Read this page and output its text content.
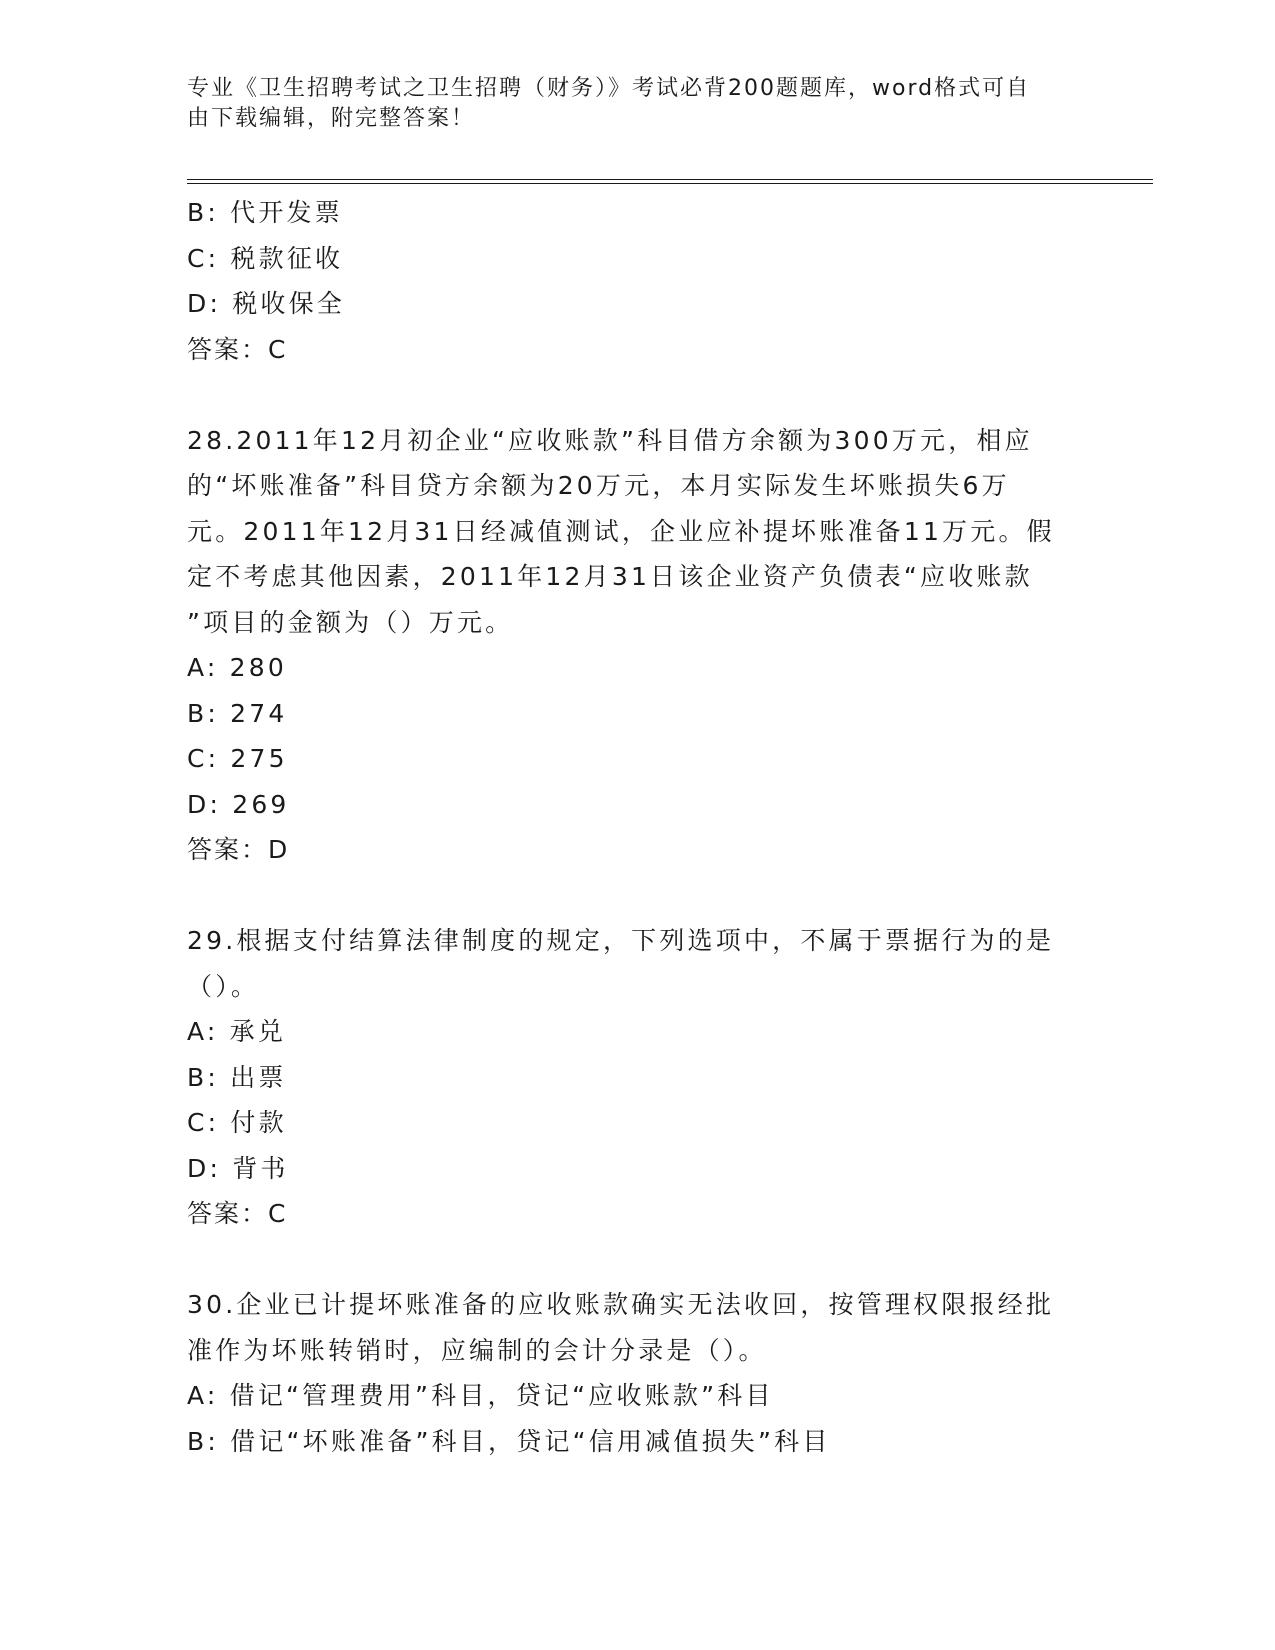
专业《卫生招聘考试之卫生招聘（财务）》考试必背200题题库，word格式可自
由下载编辑，附完整答案！
B: 代开发票
C: 税款征收
D: 税收保全
答案：C
28.2011年12月初企业“应收账款”科目借方余额为300万元，相应
的“坏账准备”科目贷方余额为20万元，本月实际发生坏账损失6万
元。2011年12月31日经减值测试，企业应补提坏账准备11万元。假
定不考虑其他因素，2011年12月31日该企业资产负债表“应收账款
”项目的金额为（）万元。
A: 280
B: 274
C: 275
D: 269
答案：D
29.根据支付结算法律制度的规定，下列选项中，不属于票据行为的是
（）。
A: 承兑
B: 出票
C: 付款
D: 背书
答案：C
30.企业已计提坏账准备的应收账款确实无法收回，按管理权限报经批
准作为坏账转销时，应编制的会计分录是（）。
A: 借记“管理费用”科目，贷记“应收账款”科目
B: 借记“坏账准备”科目，贷记“信用减值损失”科目
